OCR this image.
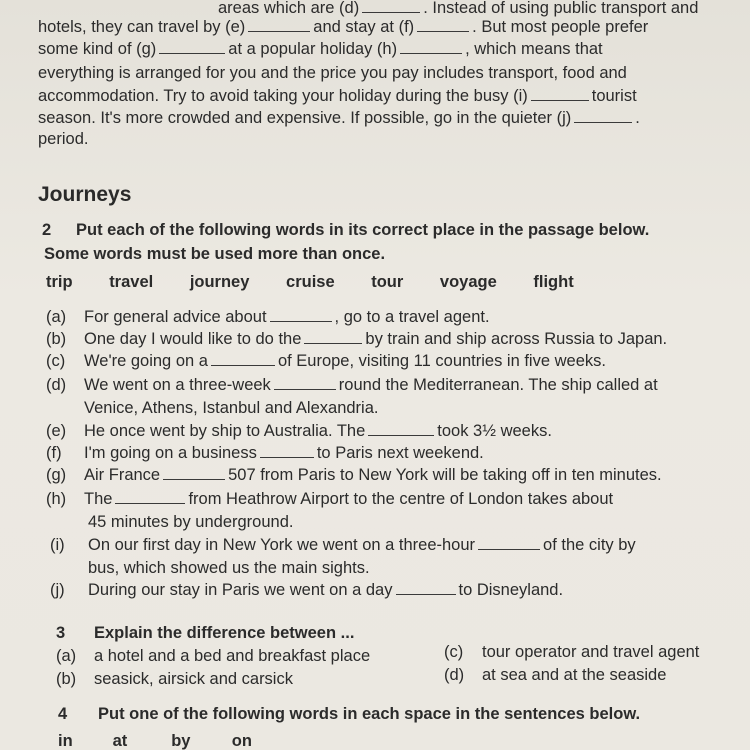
areas which are (d)	. Instead of using public transport and
hotels, they can travel by (e)	and stay at (f)	. But most people prefer
some kind of (g)	at a popular holiday (h)	, which means that
everything is arranged for you and the price you pay includes transport, food and
accommodation. Try to avoid taking your holiday during the busy (i)	tourist
season. It's more crowded and expensive. If possible, go in the quieter (j)	.
period.
Journeys
2 Put each of the following words in its correct place in the passage below.
Some words must be used more than once.
trip travel journey cruise tour voyage flight
(a) For general advice about	, go to a travel agent.
(b) One day I would like to do the	by train and ship across Russia to Japan.
(c) We're going on a	of Europe, visiting 11 countries in five weeks.
(d) We went on a three-week	round the Mediterranean. The ship called at
Venice, Athens, Istanbul and Alexandria.
(e) He once went by ship to Australia. The	took 3½ weeks.
(f) I'm going on a business	to Paris next weekend.
(g) Air France	507 from Paris to New York will be taking off in ten minutes.
(h) The	from Heathrow Airport to the centre of London takes about
45 minutes by underground.
(i) On our first day in New York we went on a three-hour	of the city by
bus, which showed us the main sights.
(j) During our stay in Paris we went on a day	to Disneyland.
3 Explain the difference between ...
(a) a hotel and a bed and breakfast place
(b) seasick, airsick and carsick
(c) tour operator and travel agent
(d) at sea and at the seaside
4 Put one of the following words in each space in the sentences below.
in at	by	on
